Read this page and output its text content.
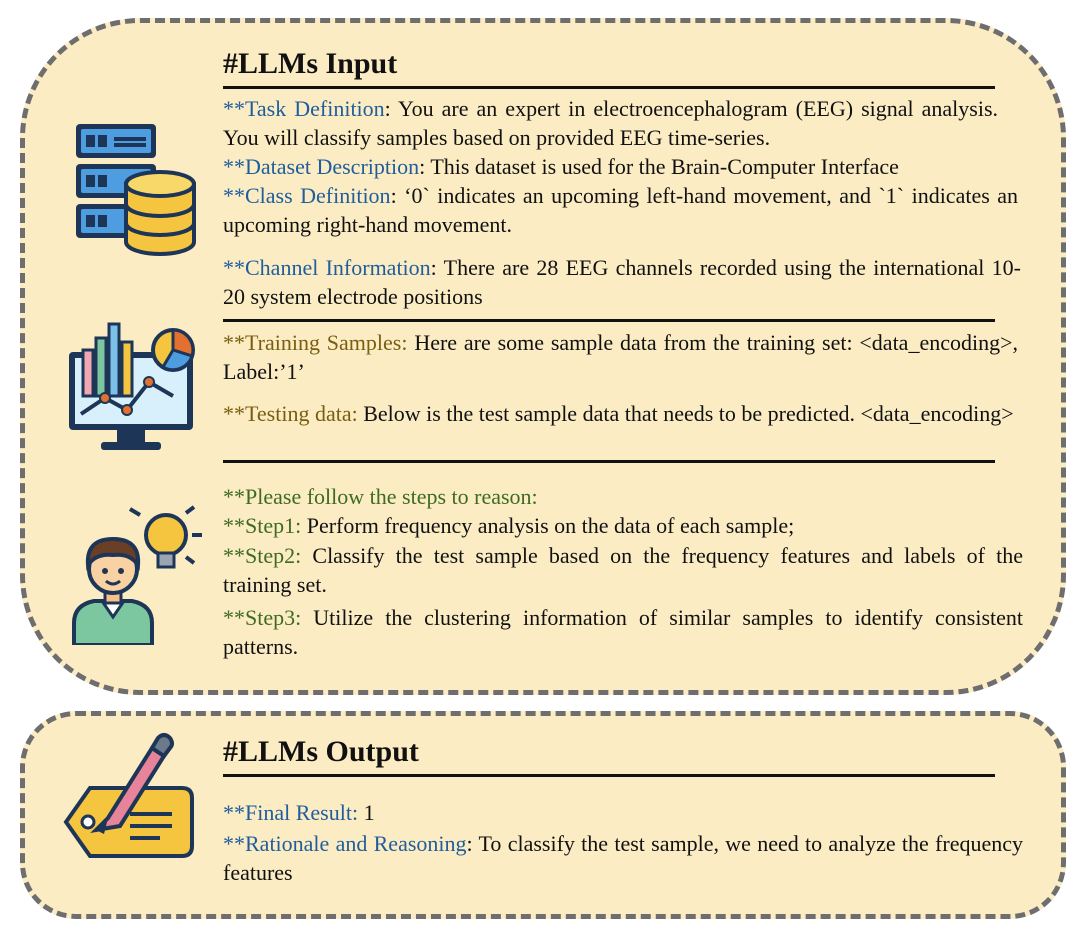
#LLMs Input

**Task Definition: You are an expert in electroencephalogram (EEG) signal analysis. You will classify samples based on provided EEG time-series.

**Dataset Description: This dataset is used for the Brain-Computer Interface

**Class Definition: ‘0` indicates an upcoming left-hand movement, and `1` indicates an upcoming right-hand movement.

**Channel Information: There are 28 EEG channels recorded using the international 10-20 system electrode positions

**Training Samples: Here are some sample data from the training set: <data_encoding>, Label:’1’

**Testing data: Below is the test sample data that needs to be predicted. <data_encoding>

**Please follow the steps to reason:

**Step1: Perform frequency analysis on the data of each sample;

**Step2: Classify the test sample based on the frequency features and labels of the training set.

**Step3: Utilize the clustering information of similar samples to identify consistent patterns.

#LLMs Output

**Final Result: 1

**Rationale and Reasoning: To classify the test sample, we need to analyze the frequency features
